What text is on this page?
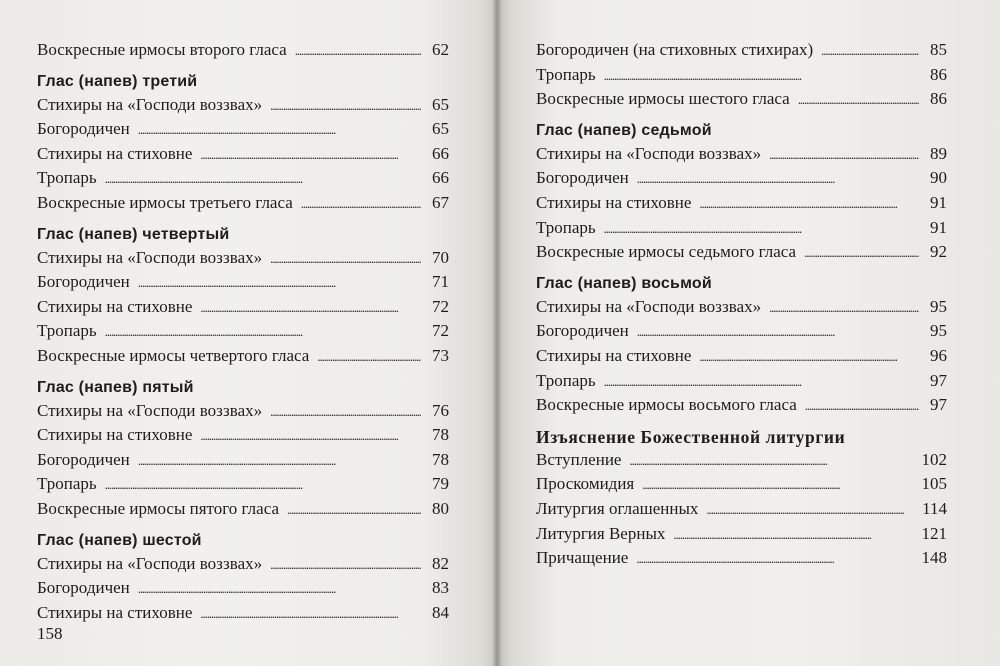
Воскресные ирмосы второго гласа . . .	62
Глас (напев) третий
Стихиры на «Господи воззвах» . . .	65
Богородичен . . .	65
Стихиры на стиховне . . .	66
Тропарь . . .	66
Воскресные ирмосы третьего гласа . . .	67
Глас (напев) четвертый
Стихиры на «Господи воззвах» . . .	70
Богородичен . . .	71
Стихиры на стиховне . . .	72
Тропарь . . .	72
Воскресные ирмосы четвертого гласа . . .	73
Глас (напев) пятый
Стихиры на «Господи воззвах» . . .	76
Стихиры на стиховне . . .	78
Богородичен . . .	78
Тропарь . . .	79
Воскресные ирмосы пятого гласа . . .	80
Глас (напев) шестой
Стихиры на «Господи воззвах» . . .	82
Богородичен . . .	83
Стихиры на стиховне . . .	84
158
Богородичен (на стиховных стихирах) . . .	85
Тропарь . . .	86
Воскресные ирмосы шестого гласа . . .	86
Глас (напев) седьмой
Стихиры на «Господи воззвах» . . .	89
Богородичен . . .	90
Стихиры на стиховне . . .	91
Тропарь . . .	91
Воскресные ирмосы седьмого гласа . . .	92
Глас (напев) восьмой
Стихиры на «Господи воззвах» . . .	95
Богородичен . . .	95
Стихиры на стиховне . . .	96
Тропарь . . .	97
Воскресные ирмосы восьмого гласа . . .	97
Изъяснение Божественной литургии
Вступление . . .	102
Проскомидия . . .	105
Литургия оглашенных . . .	114
Литургия Верных . . .	121
Причащение . . .	148
